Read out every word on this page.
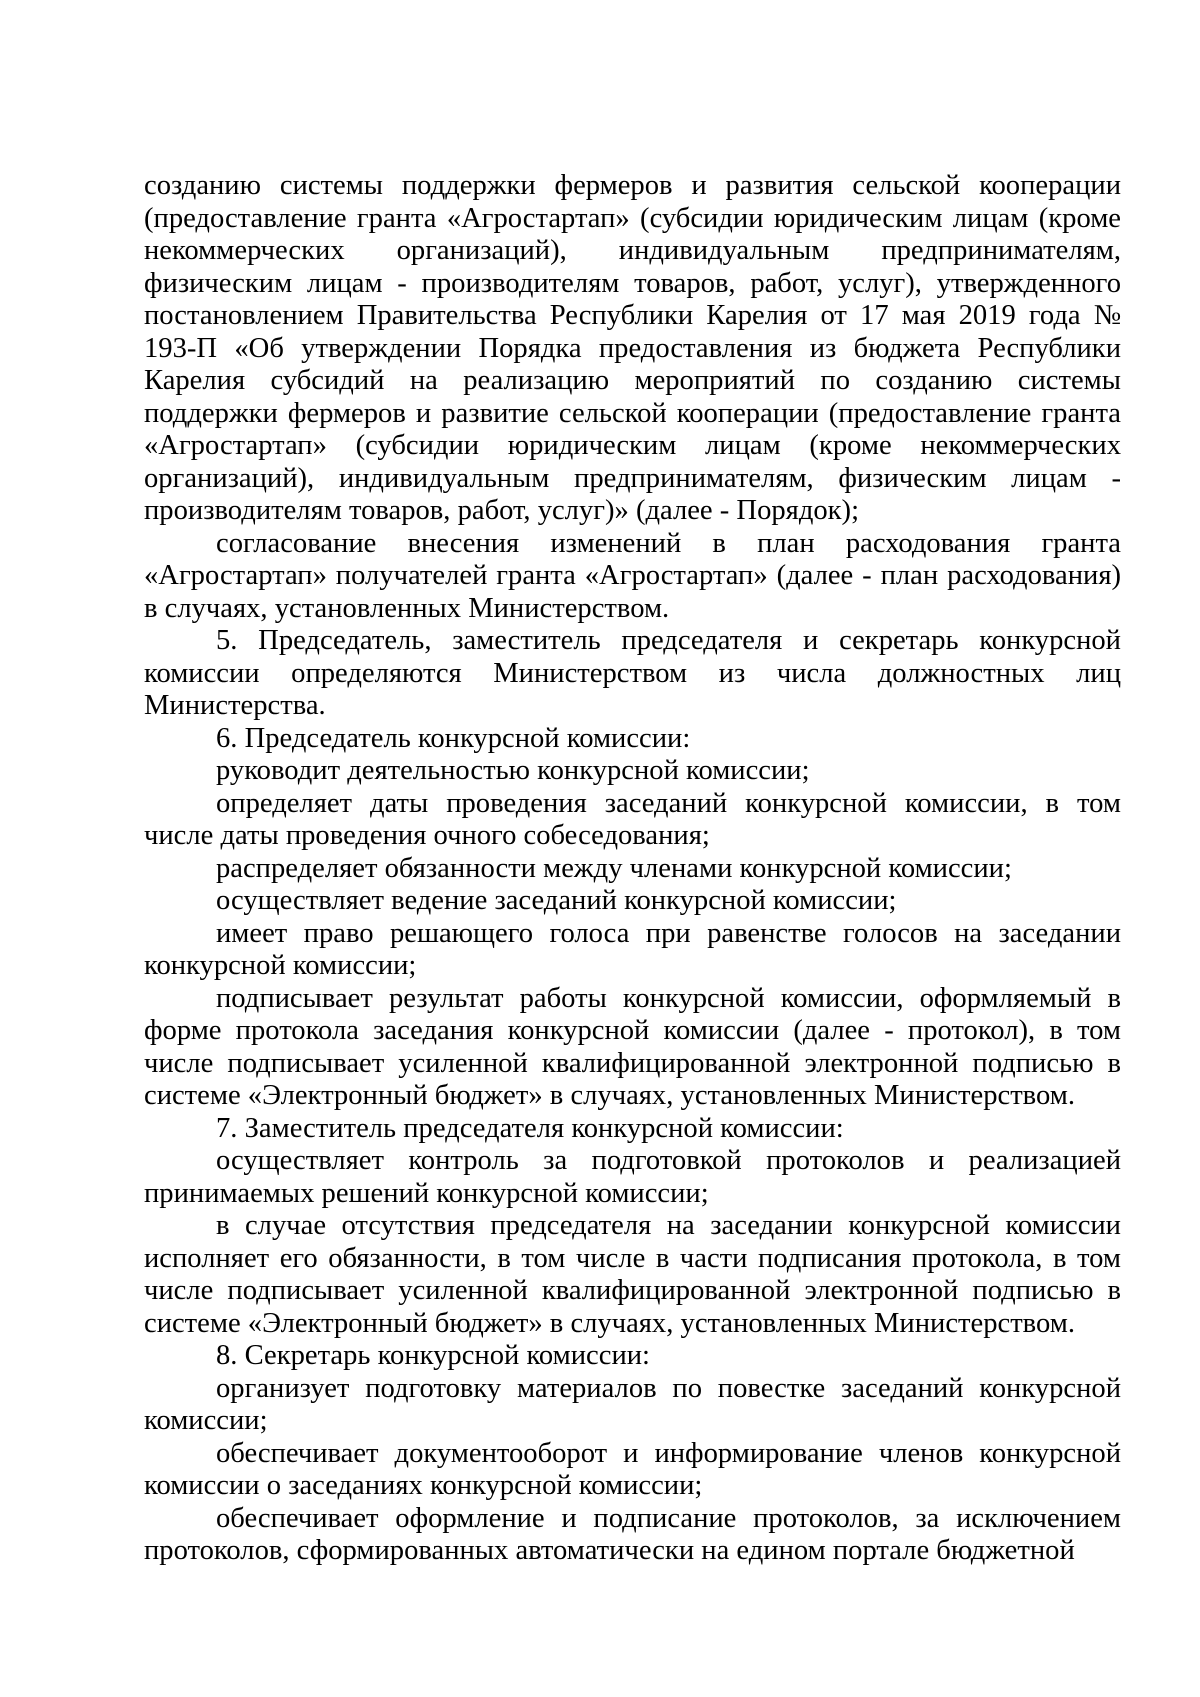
созданию системы поддержки фермеров и развития сельской кооперации (предоставление гранта «Агростартап» (субсидии юридическим лицам (кроме некоммерческих организаций), индивидуальным предпринимателям, физическим лицам - производителям товаров, работ, услуг), утвержденного постановлением Правительства Республики Карелия от 17 мая 2019 года № 193-П «Об утверждении Порядка предоставления из бюджета Республики Карелия субсидий на реализацию мероприятий по созданию системы поддержки фермеров и развитие сельской кооперации (предоставление гранта «Агростартап» (субсидии юридическим лицам (кроме некоммерческих организаций), индивидуальным предпринимателям, физическим лицам - производителям товаров, работ, услуг)» (далее - Порядок);

согласование внесения изменений в план расходования гранта «Агростартап» получателей гранта «Агростартап» (далее - план расходования) в случаях, установленных Министерством.

5. Председатель, заместитель председателя и секретарь конкурсной комиссии определяются Министерством из числа должностных лиц Министерства.

6. Председатель конкурсной комиссии:

руководит деятельностью конкурсной комиссии;

определяет даты проведения заседаний конкурсной комиссии, в том числе даты проведения очного собеседования;

распределяет обязанности между членами конкурсной комиссии;

осуществляет ведение заседаний конкурсной комиссии;

имеет право решающего голоса при равенстве голосов на заседании конкурсной комиссии;

подписывает результат работы конкурсной комиссии, оформляемый в форме протокола заседания конкурсной комиссии (далее - протокол), в том числе подписывает усиленной квалифицированной электронной подписью в системе «Электронный бюджет» в случаях, установленных Министерством.

7. Заместитель председателя конкурсной комиссии:

осуществляет контроль за подготовкой протоколов и реализацией принимаемых решений конкурсной комиссии;

в случае отсутствия председателя на заседании конкурсной комиссии исполняет его обязанности, в том числе в части подписания протокола, в том числе подписывает усиленной квалифицированной электронной подписью в системе «Электронный бюджет» в случаях, установленных Министерством.

8. Секретарь конкурсной комиссии:

организует подготовку материалов по повестке заседаний конкурсной комиссии;

обеспечивает документооборот и информирование членов конкурсной комиссии о заседаниях конкурсной комиссии;

обеспечивает оформление и подписание протоколов, за исключением протоколов, сформированных автоматически на едином портале бюджетной
